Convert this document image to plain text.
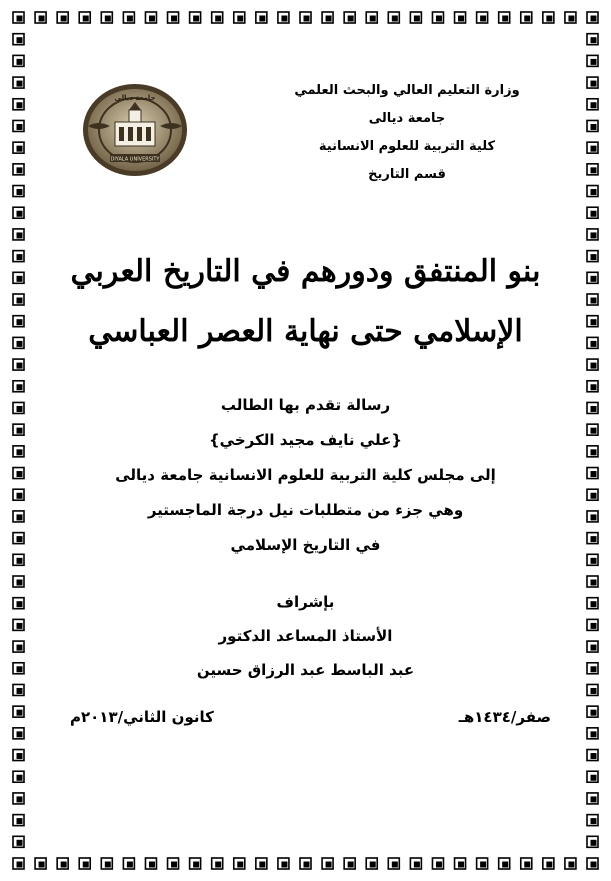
DIYALA UNIVERSITY
جامعة ديالى	وزارة التعليم العالي والبحث العلمي
جامعة ديالى
كلية التربية للعلوم الانسانية
قسم التاريخ
بنو المنتفق ودورهم في التاريخ العربي
الإسلامي حتى نهاية العصر العباسي
رسالة تقدم بها الطالب
{علي نايف مجيد الكرخي}
إلى مجلس كلية التربية للعلوم الانسانية جامعة ديالى
وهي جزء من متطلبات نيل درجة الماجستير
في التاريخ الإسلامي
بإشراف
الأستاذ المساعد الدكتور
عبد الباسط عبد الرزاق حسين
صفر/١٤٣٤هـ
كانون الثاني/٢٠١٣م
